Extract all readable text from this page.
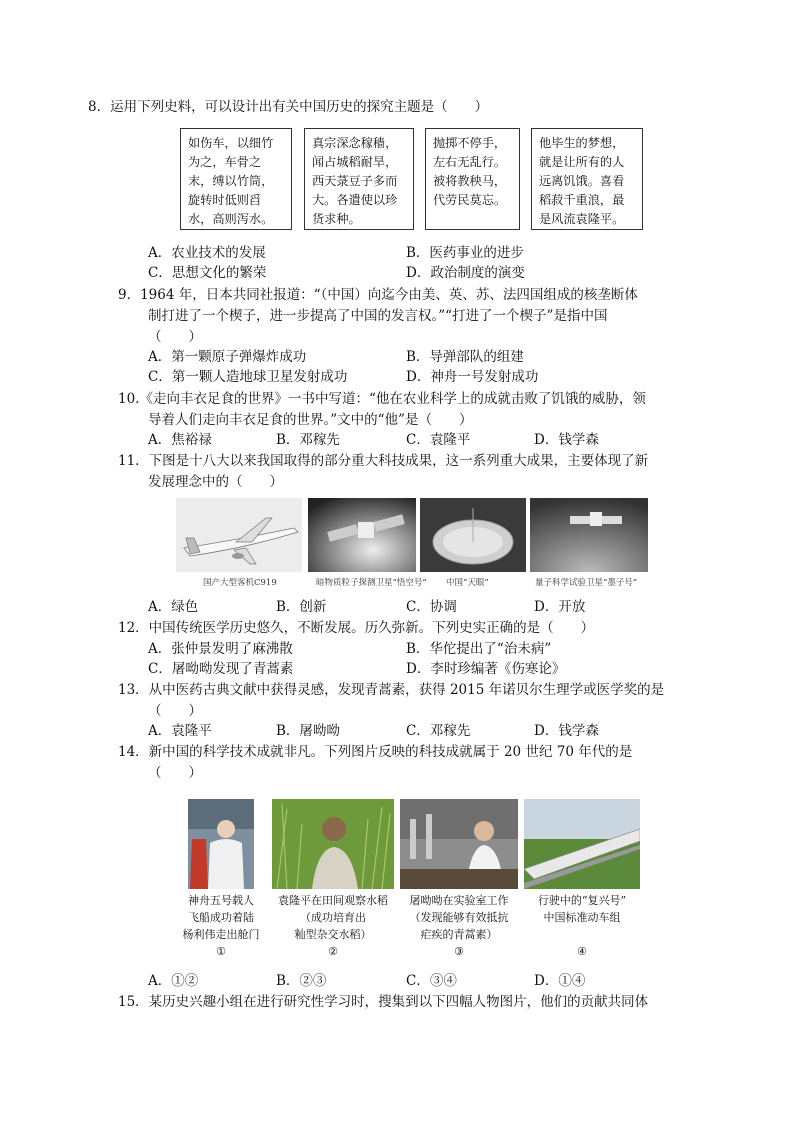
8．运用下列史料，可以设计出有关中国历史的探究主题是（　　）
如伤车，以细竹为之，车骨之末，缚以竹筒，旋转时低则舀水，高则泻水。
真宗深念稼穑，闻占城稻耐旱，西天菉豆子多而大。各遣使以珍货求种。
抛掷不停手，左右无乱行。被将教秧马，代劳民莫忘。
他毕生的梦想，就是让所有的人远离饥饿。喜看稻菽千重浪，最是风流袁隆平。
A．农业技术的发展	B．医药事业的进步
C．思想文化的繁荣	D．政治制度的演变
9．1964 年，日本共同社报道：“（中国）向迄今由美、英、苏、法四国组成的核垄断体
制打进了一个楔子，进一步提高了中国的发言权。”“打进了一个楔子”是指中国
（　　）
A．第一颗原子弹爆炸成功	B．导弹部队的组建
C．第一颗人造地球卫星发射成功	D．神舟一号发射成功
10.《走向丰衣足食的世界》一书中写道：“他在农业科学上的成就击败了饥饿的威胁，领
导着人们走向丰衣足食的世界。”文中的“他”是（　　）
A．焦裕禄	B．邓稼先	C．袁隆平	D．钱学森
11．下图是十八大以来我国取得的部分重大科技成果，这一系列重大成果，主要体现了新
发展理念中的（　　）
国产大型客机C919	暗物质粒子探测卫星“悟空号” 中国“天眼”	量子科学试验卫星“墨子号”
A．绿色	B．创新	C．协调	D．开放
12．中国传统医学历史悠久，不断发展。历久弥新。下列史实正确的是（　　）
A．张仲景发明了麻沸散	B．华佗提出了“治未病”
C．屠呦呦发现了青蒿素	D．李时珍编著《伤寒论》
13．从中医药古典文献中获得灵感，发现青蒿素，获得 2015 年诺贝尔生理学或医学奖的是
（　　）
A．袁隆平	B．屠呦呦	C．邓稼先	D．钱学森
14．新中国的科学技术成就非凡。下列图片反映的科技成就属于 20 世纪 70 年代的是
（　　）
神舟五号载人
飞船成功着陆
杨利伟走出舱门
①
袁隆平在田间观察水稻
（成功培育出
籼型杂交水稻）
②
屠呦呦在实验室工作
（发现能够有效抵抗
疟疾的青蒿素）
③
行驶中的“复兴号”
中国标准动车组
④
A．①②	B．②③	C．③④	D．①④
15．某历史兴趣小组在进行研究性学习时，搜集到以下四幅人物图片，他们的贡献共同体
